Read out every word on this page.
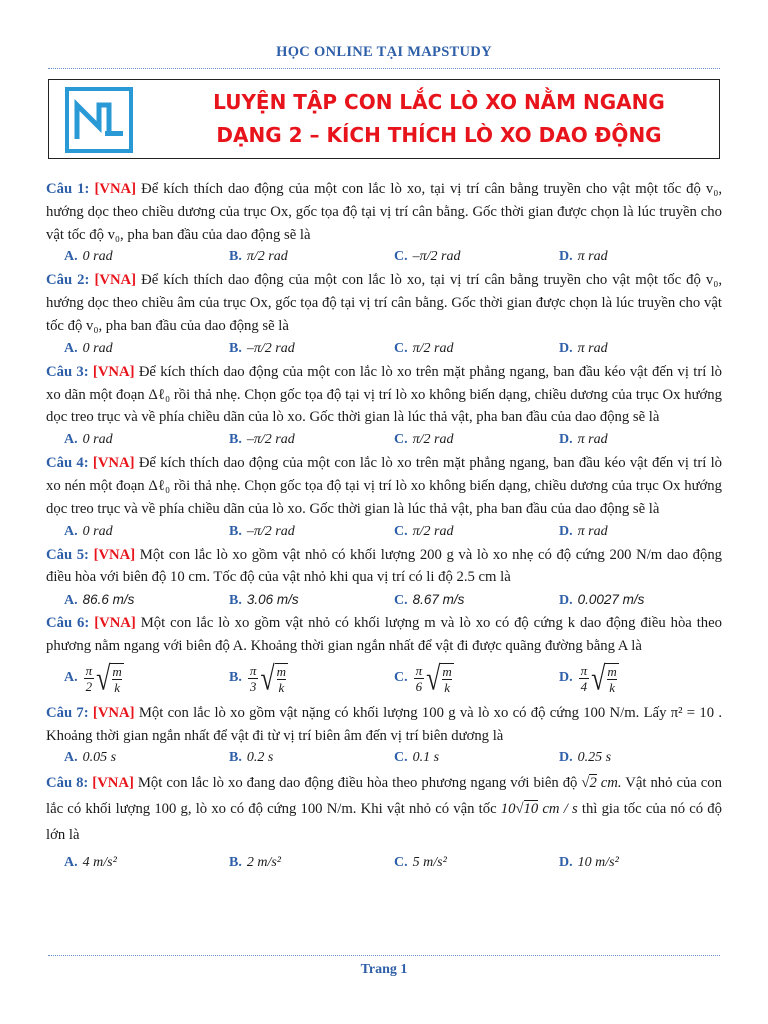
HỌC ONLINE TẠI MAPSTUDY
LUYỆN TẬP CON LẮC LÒ XO NẰM NGANG
DẠNG 2 – KÍCH THÍCH LÒ XO DAO ĐỘNG

Câu 1: [VNA] Để kích thích dao động của một con lắc lò xo, tại vị trí cân bằng truyền cho vật một tốc độ v₀, hướng dọc theo chiều dương của trục Ox, gốc tọa độ tại vị trí cân bằng. Gốc thời gian được chọn là lúc truyền cho vật tốc độ v₀, pha ban đầu của dao động sẽ là

A. 0 rad	B. π/2 rad	C. –π/2 rad	D. π rad

Câu 2: [VNA] Để kích thích dao động của một con lắc lò xo, tại vị trí cân bằng truyền cho vật một tốc độ v₀, hướng dọc theo chiều âm của trục Ox, gốc tọa độ tại vị trí cân bằng. Gốc thời gian được chọn là lúc truyền cho vật tốc độ v₀, pha ban đầu của dao động sẽ là

A. 0 rad	B. –π/2 rad	C. π/2 rad	D. π rad

Câu 3: [VNA] Để kích thích dao động của một con lắc lò xo trên mặt phẳng ngang, ban đầu kéo vật đến vị trí lò xo dãn một đoạn Δℓ₀ rồi thả nhẹ. Chọn gốc tọa độ tại vị trí lò xo không biến dạng, chiều dương của trục Ox hướng dọc treo trục và về phía chiều dãn của lò xo. Gốc thời gian là lúc thả vật, pha ban đầu của dao động sẽ là

A. 0 rad	B. –π/2 rad	C. π/2 rad	D. π rad

Câu 4: [VNA] Để kích thích dao động của một con lắc lò xo trên mặt phẳng ngang, ban đầu kéo vật đến vị trí lò xo nén một đoạn Δℓ₀ rồi thả nhẹ. Chọn gốc tọa độ tại vị trí lò xo không biến dạng, chiều dương của trục Ox hướng dọc treo trục và về phía chiều dãn của lò xo. Gốc thời gian là lúc thả vật, pha ban đầu của dao động sẽ là

A. 0 rad	B. –π/2 rad	C. π/2 rad	D. π rad

Câu 5: [VNA] Một con lắc lò xo gồm vật nhỏ có khối lượng 200 g và lò xo nhẹ có độ cứng 200 N/m dao động điều hòa với biên độ 10 cm. Tốc độ của vật nhỏ khi qua vị trí có li độ 2.5 cm là

A. 86.6 m/s	B. 3.06 m/s	C. 8.67 m/s	D. 0.0027 m/s

Câu 6: [VNA] Một con lắc lò xo gồm vật nhỏ có khối lượng m và lò xo có độ cứng k dao động điều hòa theo phương nằm ngang với biên độ A. Khoảng thời gian ngắn nhất để vật đi được quãng đường bằng A là

A. $\frac{\pi}{2}$ √ m
k
B. $\frac{\pi}{3}$ √ m
k
C. $\frac{\pi}{6}$ √ m
k
D. $\frac{\pi}{4}$ √ m
k

Câu 7: [VNA] Một con lắc lò xo gồm vật nặng có khối lượng 100 g và lò xo có độ cứng 100 N/m. Lấy π² = 10 . Khoảng thời gian ngắn nhất để vật đi từ vị trí biên âm đến vị trí biên dương là

A. 0.05 s	B. 0.2 s	C. 0.1 s	D. 0.25 s

Câu 8: [VNA] Một con lắc lò xo đang dao động điều hòa theo phương ngang với biên độ √2 cm. Vật nhỏ của con lắc có khối lượng 100 g, lò xo có độ cứng 100 N/m. Khi vật nhỏ có vận tốc 10√10 cm / s thì gia tốc của nó có độ lớn là

A. 4 m/s²	B. 2 m/s²	C. 5 m/s²	D. 10 m/s²
Trang 1
